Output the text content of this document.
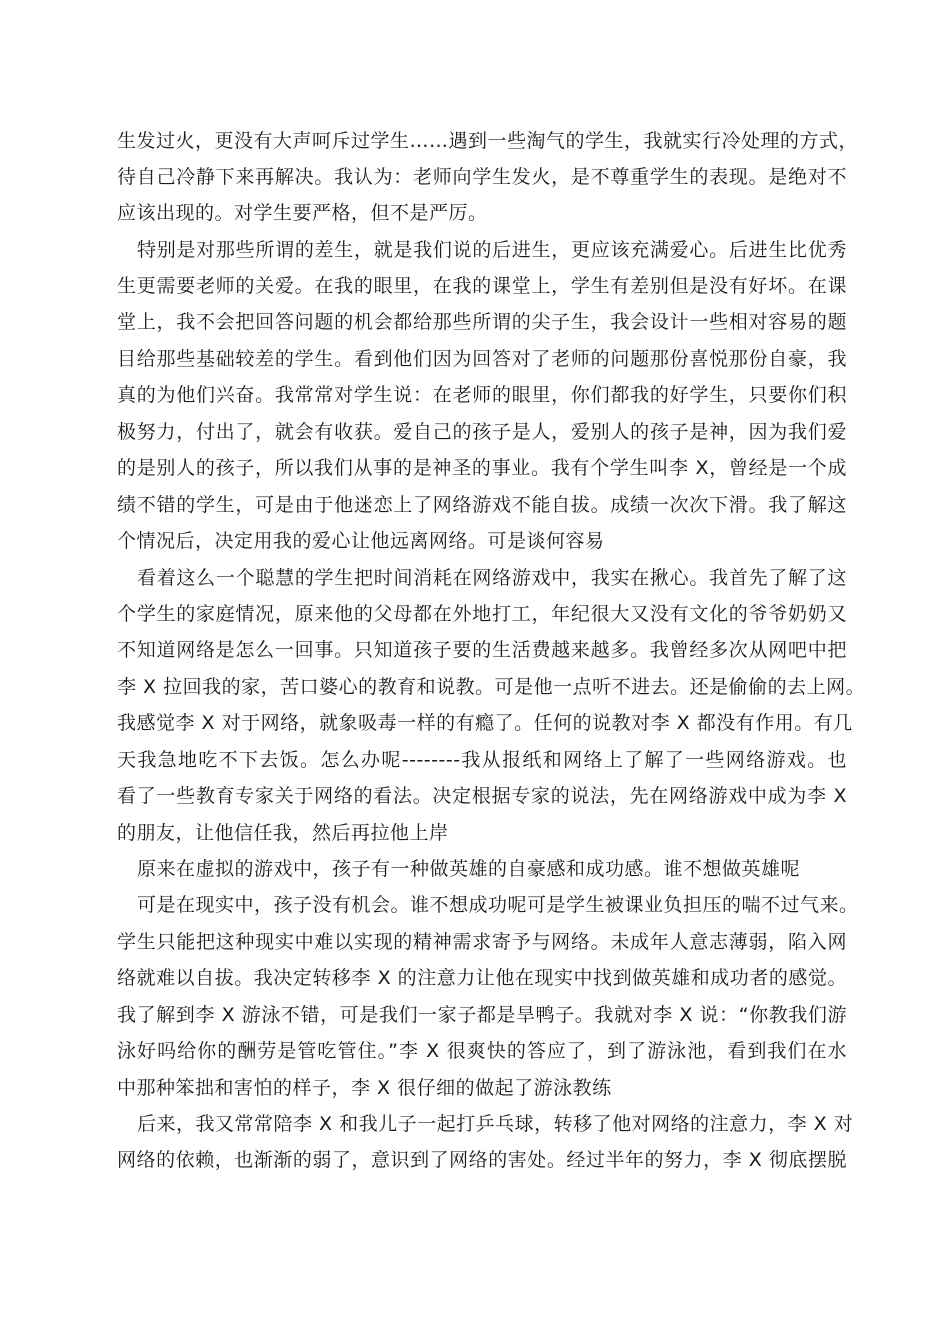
生发过火，更没有大声呵斥过学生……遇到一些淘气的学生，我就实行冷处理的方式，
待自己冷静下来再解决。我认为：老师向学生发火，是不尊重学生的表现。是绝对不
应该出现的。对学生要严格，但不是严厉。
特别是对那些所谓的差生，就是我们说的后进生，更应该充满爱心。后进生比优秀
生更需要老师的关爱。在我的眼里，在我的课堂上，学生有差别但是没有好坏。在课
堂上，我不会把回答问题的机会都给那些所谓的尖子生，我会设计一些相对容易的题
目给那些基础较差的学生。看到他们因为回答对了老师的问题那份喜悦那份自豪，我
真的为他们兴奋。我常常对学生说：在老师的眼里，你们都我的好学生，只要你们积
极努力，付出了，就会有收获。爱自己的孩子是人，爱别人的孩子是神，因为我们爱
的是别人的孩子，所以我们从事的是神圣的事业。我有个学生叫李 X，曾经是一个成
绩不错的学生，可是由于他迷恋上了网络游戏不能自拔。成绩一次次下滑。我了解这
个情况后，决定用我的爱心让他远离网络。可是谈何容易
看着这么一个聪慧的学生把时间消耗在网络游戏中，我实在揪心。我首先了解了这
个学生的家庭情况，原来他的父母都在外地打工，年纪很大又没有文化的爷爷奶奶又
不知道网络是怎么一回事。只知道孩子要的生活费越来越多。我曾经多次从网吧中把
李 X 拉回我的家，苦口婆心的教育和说教。可是他一点听不进去。还是偷偷的去上网。
我感觉李 X 对于网络，就象吸毒一样的有瘾了。任何的说教对李 X 都没有作用。有几
天我急地吃不下去饭。怎么办呢--------我从报纸和网络上了解了一些网络游戏。也
看了一些教育专家关于网络的看法。决定根据专家的说法，先在网络游戏中成为李 X
的朋友，让他信任我，然后再拉他上岸
原来在虚拟的游戏中，孩子有一种做英雄的自豪感和成功感。谁不想做英雄呢
可是在现实中，孩子没有机会。谁不想成功呢可是学生被课业负担压的喘不过气来。
学生只能把这种现实中难以实现的精神需求寄予与网络。未成年人意志薄弱，陷入网
络就难以自拔。我决定转移李 X 的注意力让他在现实中找到做英雄和成功者的感觉。
我了解到李 X 游泳不错，可是我们一家子都是旱鸭子。我就对李 X 说：“你教我们游
泳好吗给你的酬劳是管吃管住。”李 X 很爽快的答应了，到了游泳池，看到我们在水
中那种笨拙和害怕的样子，李 X 很仔细的做起了游泳教练
后来，我又常常陪李 X 和我儿子一起打乒乓球，转移了他对网络的注意力，李 X 对
网络的依赖，也渐渐的弱了，意识到了网络的害处。经过半年的努力，李 X 彻底摆脱
